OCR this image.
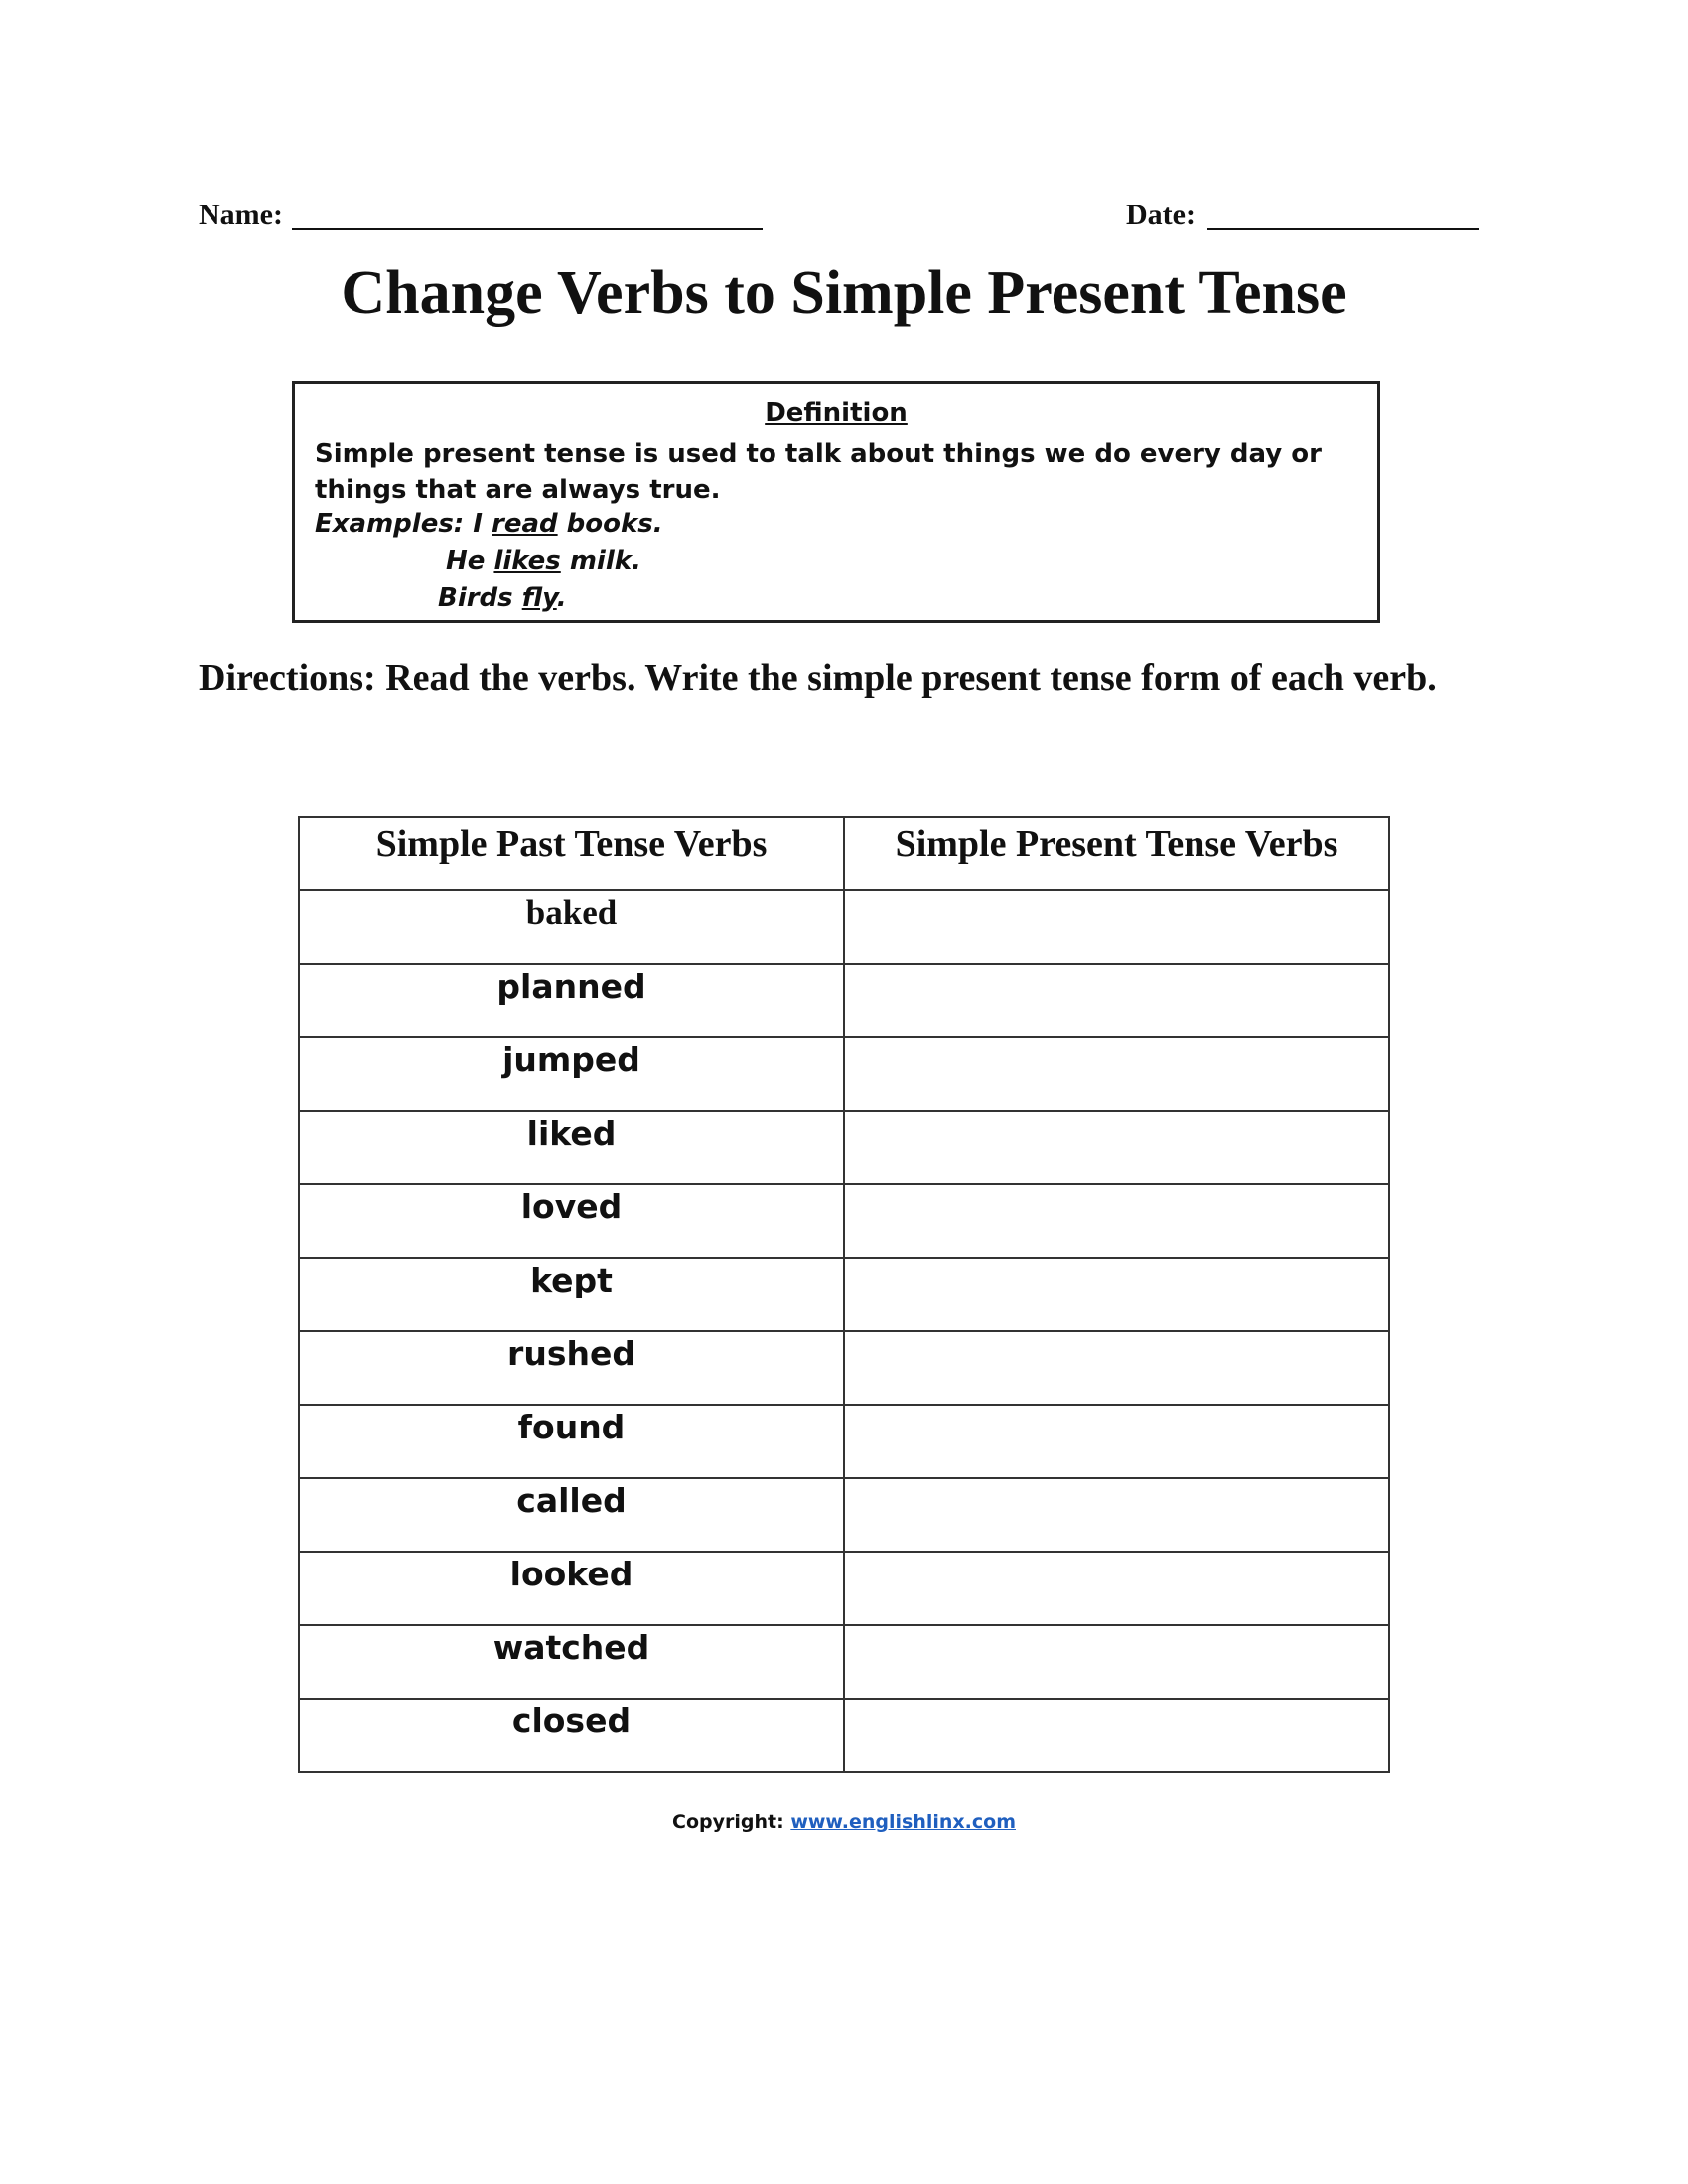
Name:	Date:
Change Verbs to Simple Present Tense
Definition
Simple present tense is used to talk about things we do every day or things that are always true.
Examples: I read books.
He likes milk.
Birds fly.
Directions: Read the verbs. Write the simple present tense form of each verb.
Simple Past Tense Verbs	Simple Present Tense Verbs
baked	
planned	
jumped	
liked	
loved	
kept	
rushed	
found	
called	
looked	
watched	
closed	
Copyright: www.englishlinx.com
